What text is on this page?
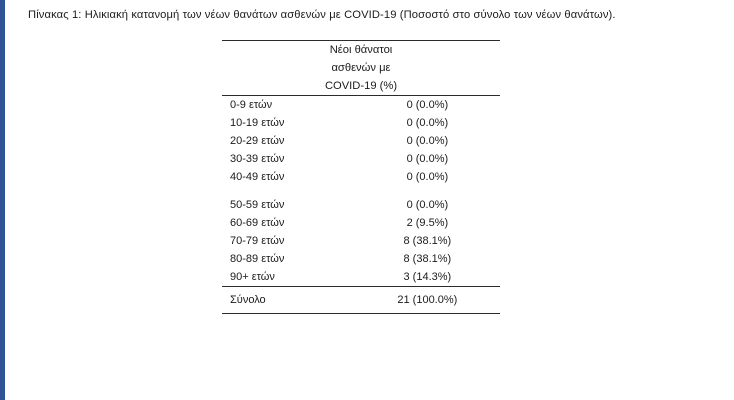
Πίνακας 1: Ηλικιακή κατανομή των νέων θανάτων ασθενών με COVID-19 (Ποσοστό στο σύνολο των νέων θανάτων).
Νέοι θάνατοι
ασθενών με
COVID-19 (%)	

0-9 ετών	0 (0.0%)
10-19 ετών	0 (0.0%)
20-29 ετών	0 (0.0%)
30-39 ετών	0 (0.0%)
40-49 ετών	0 (0.0%)
50-59 ετών	0 (0.0%)
60-69 ετών	2 (9.5%)
70-79 ετών	8 (38.1%)
80-89 ετών	8 (38.1%)
90+ ετών	3 (14.3%)
Σύνολο	21 (100.0%)
